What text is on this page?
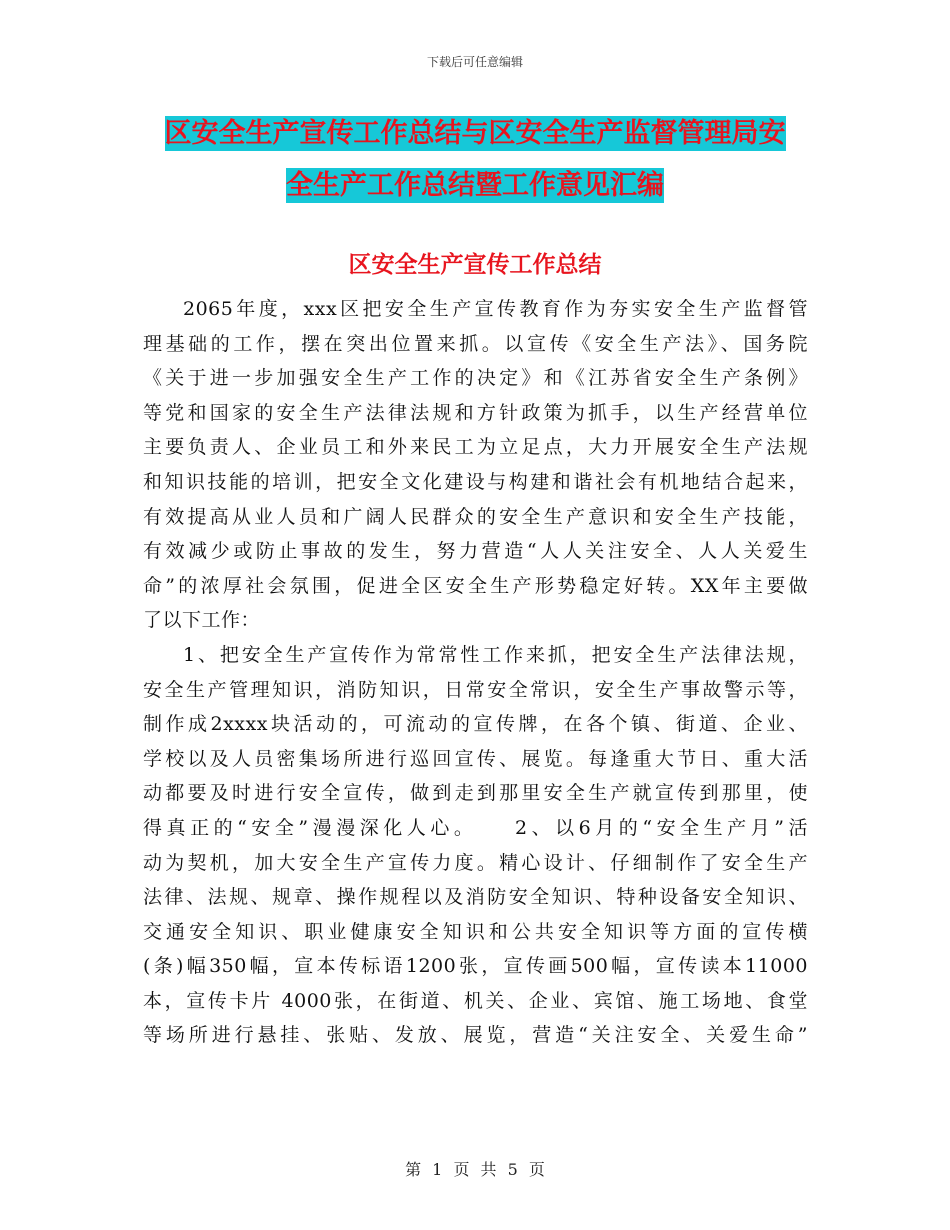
下载后可任意编辑
区安全生产宣传工作总结与区安全生产监督管理局安
全生产工作总结暨工作意见汇编
区安全生产宣传工作总结
2065年度，xxx区把安全生产宣传教育作为夯实安全生产监督管
理基础的工作，摆在突出位置来抓。以宣传《安全生产法》、国务院
《关于进一步加强安全生产工作的决定》和《江苏省安全生产条例》
等党和国家的安全生产法律法规和方针政策为抓手，以生产经营单位
主要负责人、企业员工和外来民工为立足点，大力开展安全生产法规
和知识技能的培训，把安全文化建设与构建和谐社会有机地结合起来，
有效提高从业人员和广阔人民群众的安全生产意识和安全生产技能，
有效减少或防止事故的发生，努力营造“人人关注安全、人人关爱生
命”的浓厚社会氛围，促进全区安全生产形势稳定好转。XX年主要做
了以下工作：
1、把安全生产宣传作为常常性工作来抓，把安全生产法律法规，
安全生产管理知识，消防知识，日常安全常识，安全生产事故警示等，
制作成2xxxx块活动的，可流动的宣传牌，在各个镇、街道、企业、
学校以及人员密集场所进行巡回宣传、展览。每逢重大节日、重大活
动都要及时进行安全宣传，做到走到那里安全生产就宣传到那里，使
得真正的“安全”漫漫深化人心。　　2、以6月的“安全生产月”活
动为契机，加大安全生产宣传力度。精心设计、仔细制作了安全生产
法律、法规、规章、操作规程以及消防安全知识、特种设备安全知识、
交通安全知识、职业健康安全知识和公共安全知识等方面的宣传横
(条)幅350幅，宣本传标语1200张，宣传画500幅，宣传读本11000
本，宣传卡片 4000张，在街道、机关、企业、宾馆、施工场地、食堂
等场所进行悬挂、张贴、发放、展览，营造“关注安全、关爱生命”
第 1 页 共 5 页
